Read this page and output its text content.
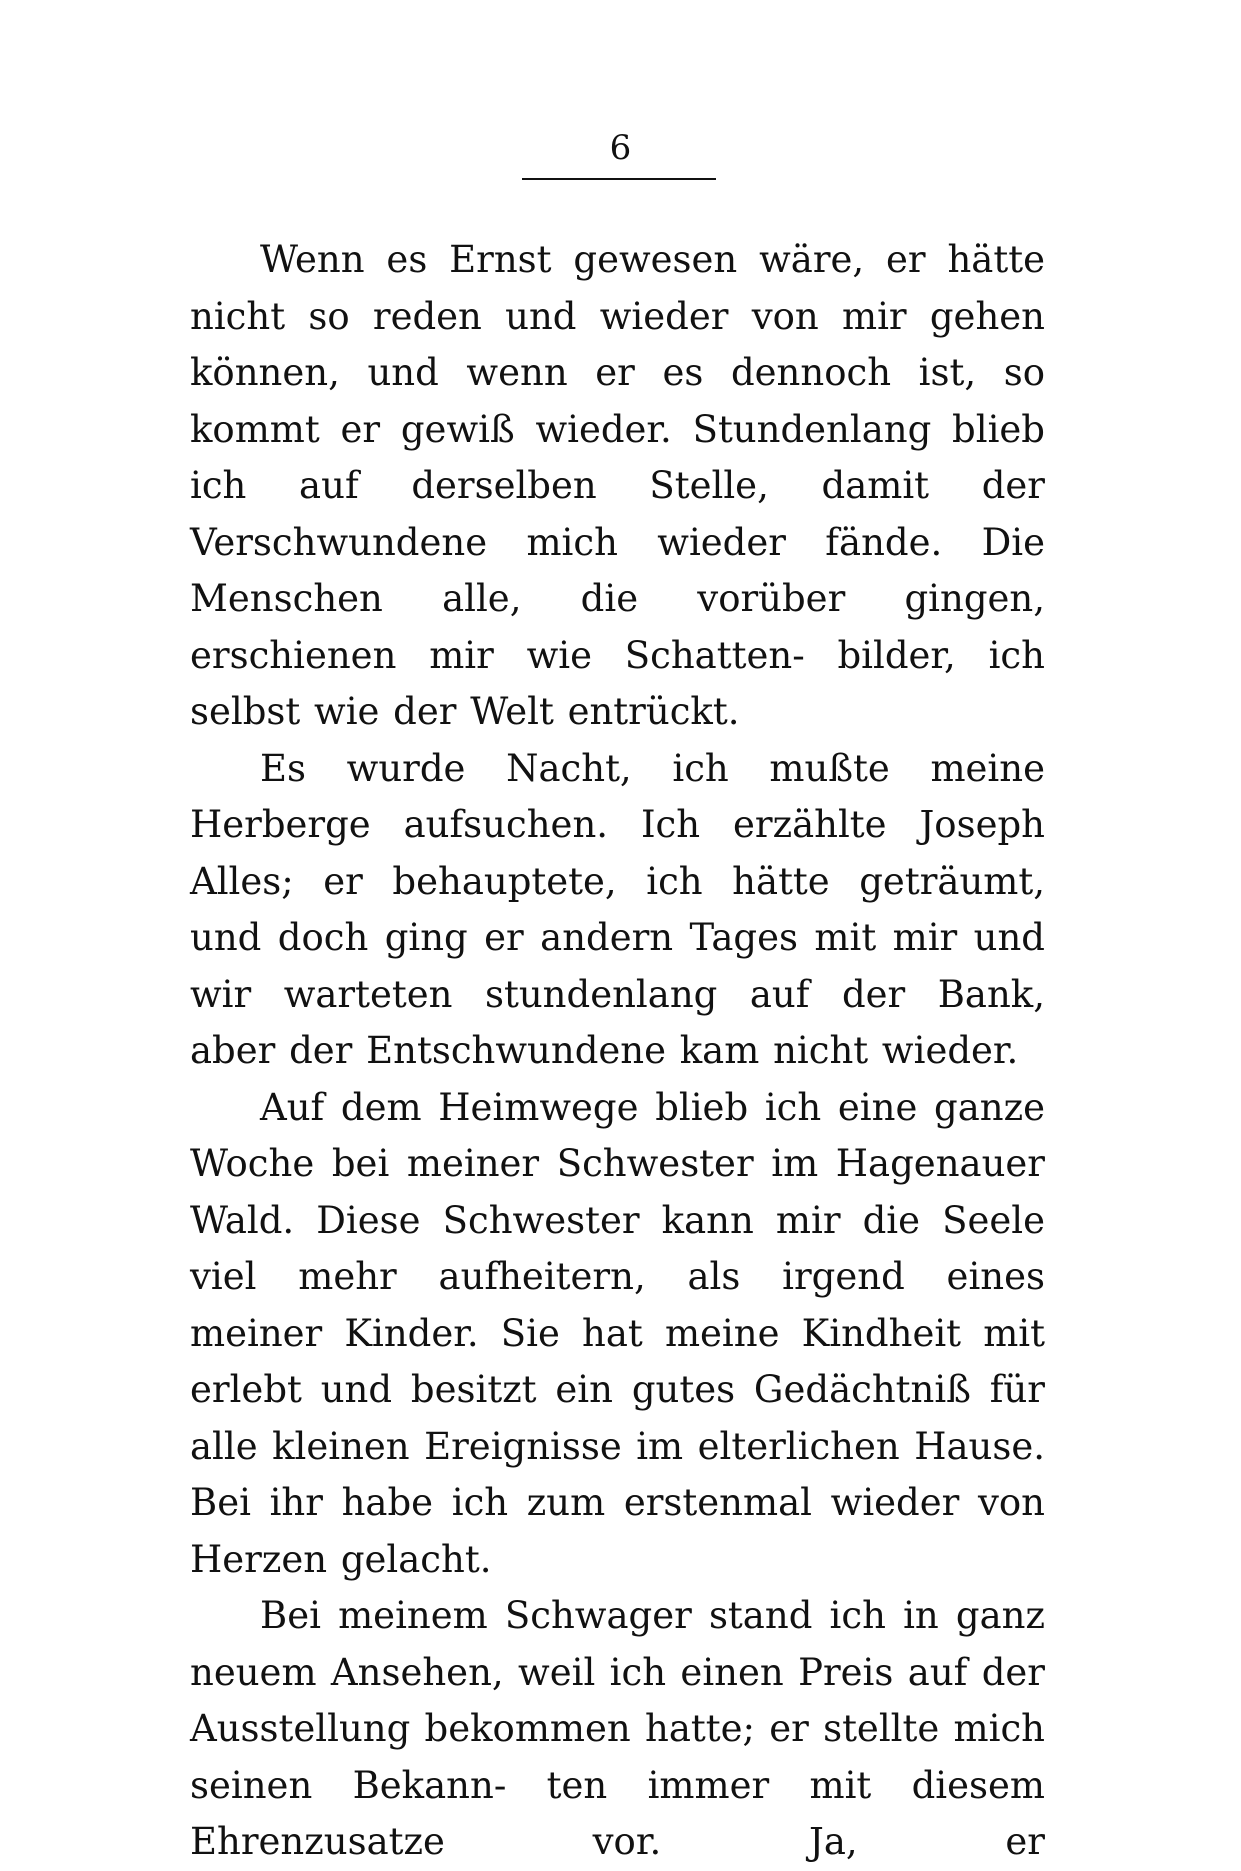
6

Wenn es Ernst gewesen wäre, er hätte nicht so reden und wieder von mir gehen können, und wenn er es dennoch ist, so kommt er gewiß wieder. Stundenlang blieb ich auf derselben Stelle, damit der Verschwundene mich wieder fände. Die Menschen alle, die vorüber gingen, erschienen mir wie Schatten- bilder, ich selbst wie der Welt entrückt.

Es wurde Nacht, ich mußte meine Herberge aufsuchen. Ich erzählte Joseph Alles; er behauptete, ich hätte geträumt, und doch ging er andern Tages mit mir und wir warteten stundenlang auf der Bank, aber der Entschwundene kam nicht wieder.

Auf dem Heimwege blieb ich eine ganze Woche bei meiner Schwester im Hagenauer Wald. Diese Schwester kann mir die Seele viel mehr aufheitern, als irgend eines meiner Kinder. Sie hat meine Kindheit mit erlebt und besitzt ein gutes Gedächtniß für alle kleinen Ereignisse im elterlichen Hause. Bei ihr habe ich zum erstenmal wieder von Herzen gelacht.

Bei meinem Schwager stand ich in ganz neuem Ansehen, weil ich einen Preis auf der Ausstellung bekommen hatte; er stellte mich seinen Bekann- ten immer mit diesem Ehrenzusatze vor. Ja, er
